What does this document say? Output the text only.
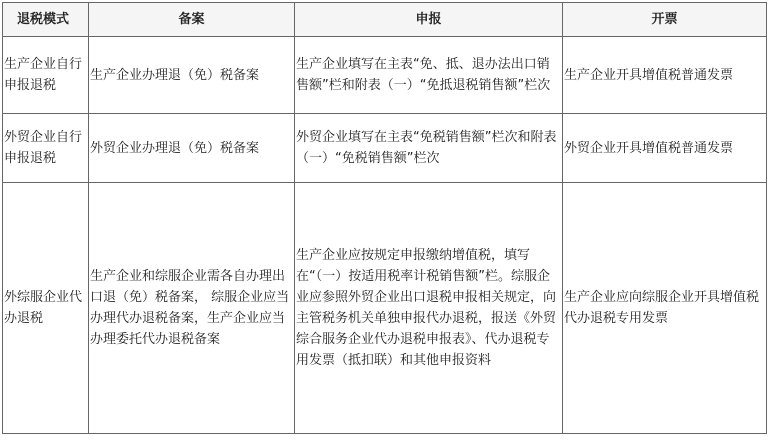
退税模式	备案	申报	开票
生产企业自行申报退税	生产企业办理退（免）税备案	生产企业填写在主表“免、抵、退办法出口销售额”栏和附表（一）“免抵退税销售额”栏次	生产企业开具增值税普通发票
外贸企业自行申报退税	外贸企业办理退（免）税备案	外贸企业填写在主表“免税销售额”栏次和附表（一）“免税销售额”栏次	外贸企业开具增值税普通发票
外综服企业代办退税	生产企业和综服企业需各自办理出口退（免）税备案， 综服企业应当办理代办退税备案，生产企业应当办理委托代办退税备案	生产企业应按规定申报缴纳增值税，填写在“（一）按适用税率计税销售额”栏。综服企业应参照外贸企业出口退税申报相关规定，向主管税务机关单独申报代办退税，报送《外贸综合服务企业代办退税申报表》、代办退税专用发票（抵扣联）和其他申报资料	生产企业应向综服企业开具增值税代办退税专用发票
